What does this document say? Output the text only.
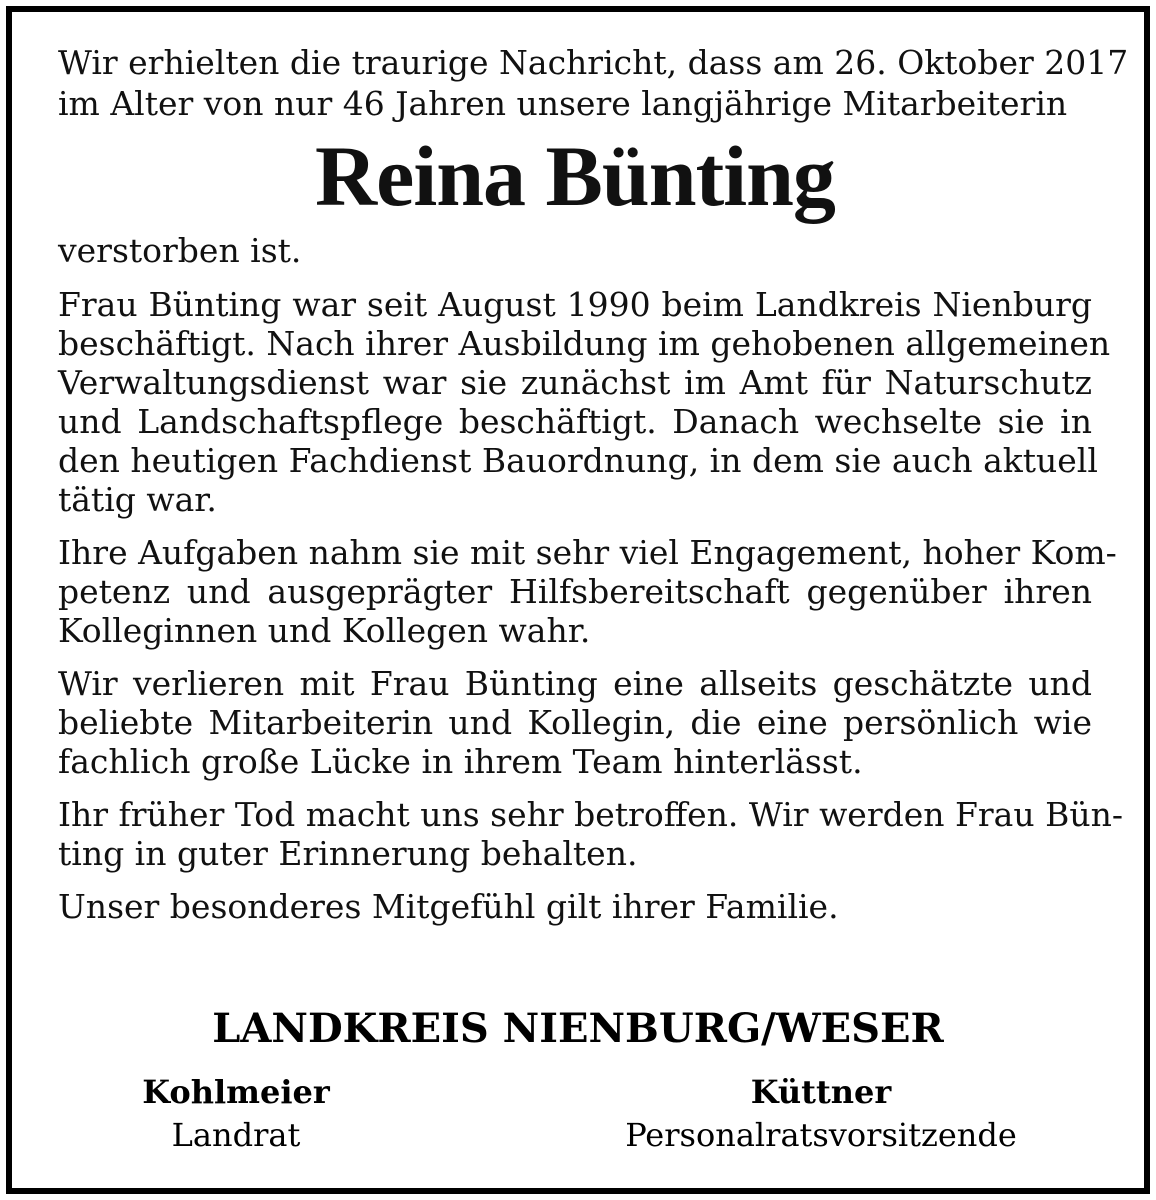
Wir erhielten die traurige Nachricht, dass am 26. Oktober 2017
im Alter von nur 46 Jahren unsere langjährige Mitarbeiterin
Reina Bünting
verstorben ist.
Frau Bünting war seit August 1990 beim Landkreis Nienburg
beschäftigt. Nach ihrer Ausbildung im gehobenen allgemeinen
Verwaltungsdienst war sie zunächst im Amt für Naturschutz
und Landschaftspflege beschäftigt. Danach wechselte sie in
den heutigen Fachdienst Bauordnung, in dem sie auch aktuell
tätig war.
Ihre Aufgaben nahm sie mit sehr viel Engagement, hoher Kom-
petenz und ausgeprägter Hilfsbereitschaft gegenüber ihren
Kolleginnen und Kollegen wahr.
Wir verlieren mit Frau Bünting eine allseits geschätzte und
beliebte Mitarbeiterin und Kollegin, die eine persönlich wie
fachlich große Lücke in ihrem Team hinterlässt.
Ihr früher Tod macht uns sehr betroffen. Wir werden Frau Bün-
ting in guter Erinnerung behalten.
Unser besonderes Mitgefühl gilt ihrer Familie.
LANDKREIS NIENBURG/WESER
Kohlmeier
Landrat
Küttner
Personalratsvorsitzende
